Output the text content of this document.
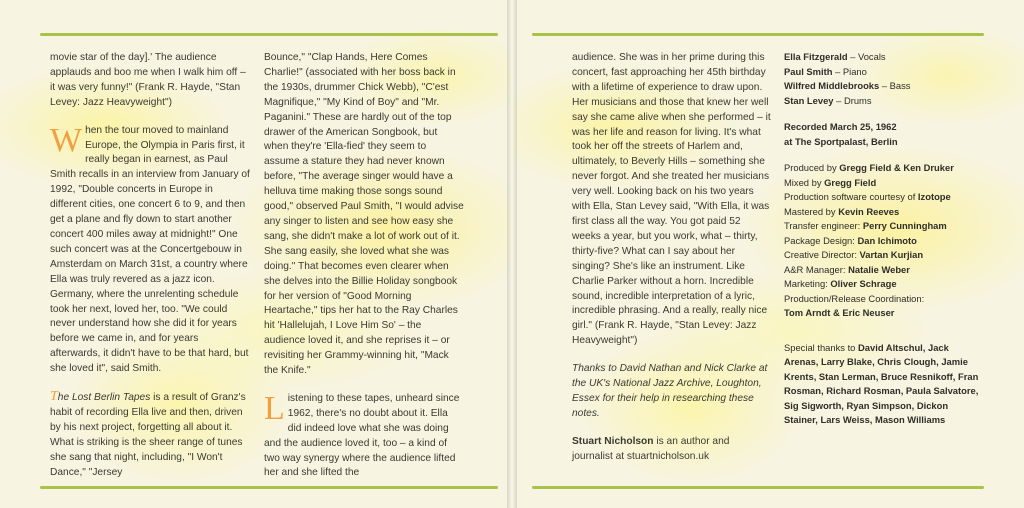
movie star of the day].' The audience applauds and boo me when I walk him off – it was very funny!" (Frank R. Hayde, "Stan Levey: Jazz Heavyweight")

When the tour moved to mainland Europe, the Olympia in Paris first, it really began in earnest, as Paul Smith recalls in an interview from January of 1992, "Double concerts in Europe in different cities, one concert 6 to 9, and then get a plane and fly down to start another concert 400 miles away at midnight!" One such concert was at the Concertgebouw in Amsterdam on March 31st, a country where Ella was truly revered as a jazz icon. Germany, where the unrelenting schedule took her next, loved her, too. "We could never understand how she did it for years before we came in, and for years afterwards, it didn't have to be that hard, but she loved it", said Smith.

The Lost Berlin Tapes is a result of Granz's habit of recording Ella live and then, driven by his next project, forgetting all about it. What is striking is the sheer range of tunes she sang that night, including, "I Won't Dance," "Jersey

Bounce," "Clap Hands, Here Comes Charlie!" (associated with her boss back in the 1930s, drummer Chick Webb), "C'est Magnifique," "My Kind of Boy" and "Mr. Paganini." These are hardly out of the top drawer of the American Songbook, but when they're 'Ella-fied' they seem to assume a stature they had never known before, "The average singer would have a helluva time making those songs sound good," observed Paul Smith, "I would advise any singer to listen and see how easy she sang, she didn't make a lot of work out of it. She sang easily, she loved what she was doing." That becomes even clearer when she delves into the Billie Holiday songbook for her version of "Good Morning Heartache," tips her hat to the Ray Charles hit 'Hallelujah, I Love Him So' – the audience loved it, and she reprises it – or revisiting her Grammy-winning hit, "Mack the Knife."

Listening to these tapes, unheard since 1962, there's no doubt about it. Ella did indeed love what she was doing and the audience loved it, too – a kind of two way synergy where the audience lifted her and she lifted the

audience. She was in her prime during this concert, fast approaching her 45th birthday with a lifetime of experience to draw upon. Her musicians and those that knew her well say she came alive when she performed – it was her life and reason for living. It's what took her off the streets of Harlem and, ultimately, to Beverly Hills – something she never forgot. And she treated her musicians very well. Looking back on his two years with Ella, Stan Levey said, "With Ella, it was first class all the way. You got paid 52 weeks a year, but you work, what – thirty, thirty-five? What can I say about her singing? She's like an instrument. Like Charlie Parker without a horn. Incredible sound, incredible interpretation of a lyric, incredible phrasing. And a really, really nice girl." (Frank R. Hayde, "Stan Levey: Jazz Heavyweight")

Thanks to David Nathan and Nick Clarke at the UK's National Jazz Archive, Loughton, Essex for their help in researching these notes.

Stuart Nicholson is an author and journalist at stuartnicholson.uk

Ella Fitzgerald – Vocals
Paul Smith – Piano
Wilfred Middlebrooks – Bass
Stan Levey – Drums
Recorded March 25, 1962
at The Sportpalast, Berlin
Produced by Gregg Field & Ken Druker
Mixed by Gregg Field
Production software courtesy of Izotope
Mastered by Kevin Reeves
Transfer engineer: Perry Cunningham
Package Design: Dan Ichimoto
Creative Director: Vartan Kurjian
A&R Manager: Natalie Weber
Marketing: Oliver Schrage
Production/Release Coordination:
Tom Arndt & Eric Neuser
Special thanks to David Altschul, Jack Arenas, Larry Blake, Chris Clough, Jamie Krents, Stan Lerman, Bruce Resnikoff, Fran Rosman, Richard Rosman, Paula Salvatore, Sig Sigworth, Ryan Simpson, Dickon Stainer, Lars Weiss, Mason Williams
